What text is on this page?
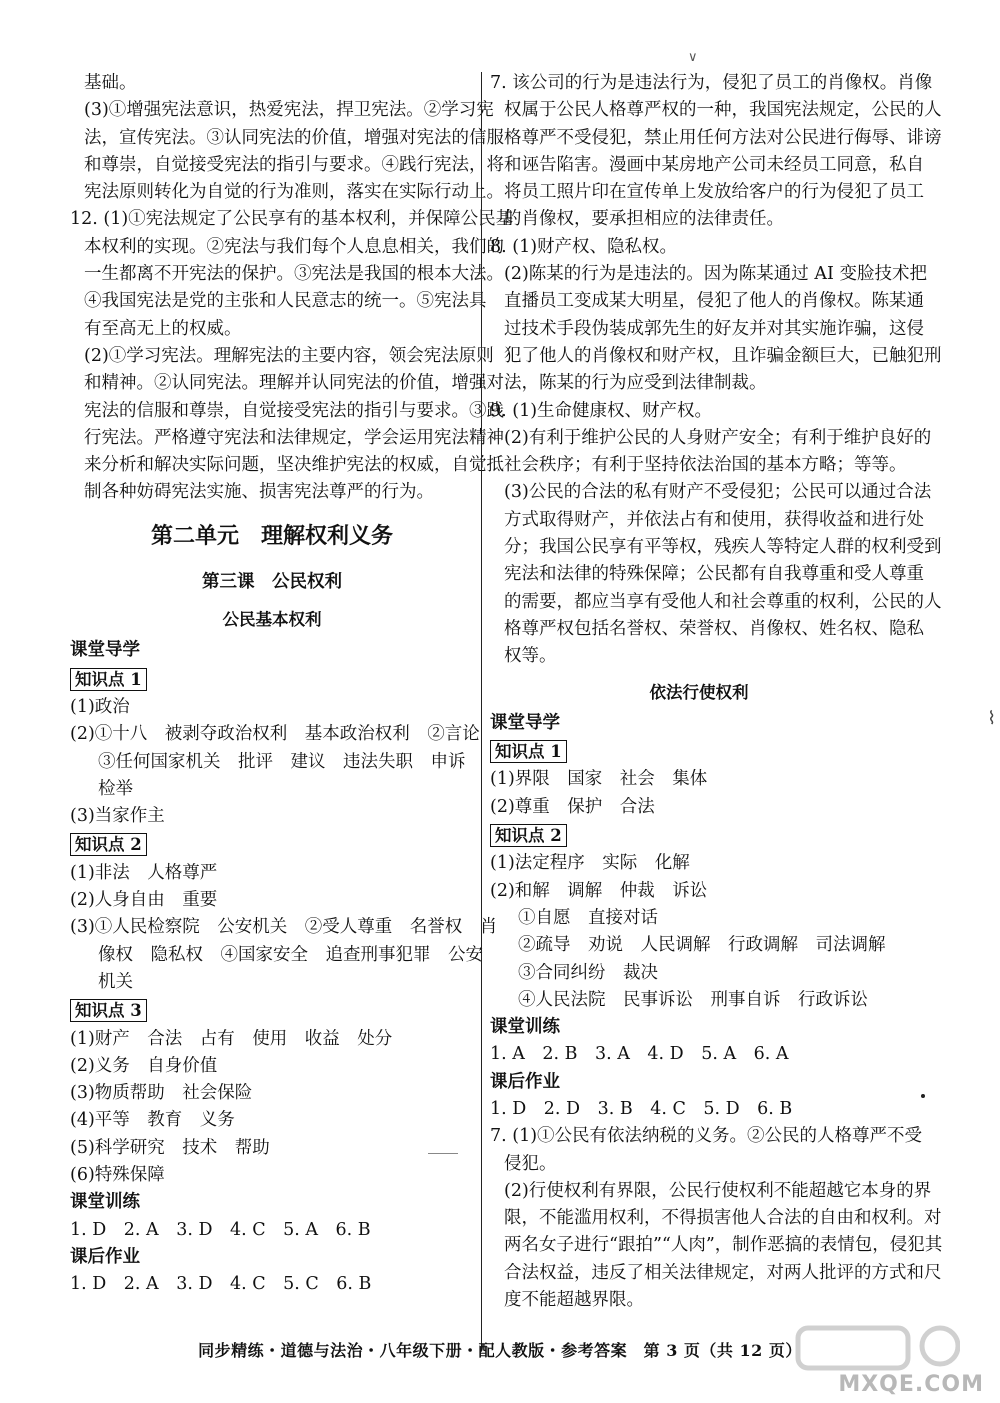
∨

基础。

(3)①增强宪法意识，热爱宪法，捍卫宪法。②学习宪

法，宣传宪法。③认同宪法的价值，增强对宪法的信服

和尊崇，自觉接受宪法的指引与要求。④践行宪法，将

宪法原则转化为自觉的行为准则，落实在实际行动上。

12. (1)①宪法规定了公民享有的基本权利，并保障公民基

本权利的实现。②宪法与我们每个人息息相关，我们的

一生都离不开宪法的保护。③宪法是我国的根本大法。

④我国宪法是党的主张和人民意志的统一。⑤宪法具

有至高无上的权威。

(2)①学习宪法。理解宪法的主要内容，领会宪法原则

和精神。②认同宪法。理解并认同宪法的价值，增强对

宪法的信服和尊崇，自觉接受宪法的指引与要求。③践

行宪法。严格遵守宪法和法律规定，学会运用宪法精神

来分析和解决实际问题，坚决维护宪法的权威，自觉抵

制各种妨碍宪法实施、损害宪法尊严的行为。

第二单元　理解权利义务
第三课　公民权利
公民基本权利

课堂导学

知识点 1

(1)政治

(2)①十八　被剥夺政治权利　基本政治权利　②言论

③任何国家机关　批评　建议　违法失职　申诉

检举

(3)当家作主

知识点 2

(1)非法　人格尊严

(2)人身自由　重要

(3)①人民检察院　公安机关　②受人尊重　名誉权　肖

像权　隐私权　④国家安全　追查刑事犯罪　公安

机关

知识点 3

(1)财产　合法　占有　使用　收益　处分

(2)义务　自身价值

(3)物质帮助　社会保险

(4)平等　教育　义务

(5)科学研究　技术　帮助

(6)特殊保障

课堂训练

1. D　2. A　3. D　4. C　5. A　6. B

课后作业

1. D　2. A　3. D　4. C　5. C　6. B

7. 该公司的行为是违法行为，侵犯了员工的肖像权。肖像

权属于公民人格尊严权的一种，我国宪法规定，公民的人

格尊严不受侵犯，禁止用任何方法对公民进行侮辱、诽谤

和诬告陷害。漫画中某房地产公司未经员工同意，私自

将员工照片印在宣传单上发放给客户的行为侵犯了员工

的肖像权，要承担相应的法律责任。

8. (1)财产权、隐私权。

(2)陈某的行为是违法的。因为陈某通过 AI 变脸技术把

直播员工变成某大明星，侵犯了他人的肖像权。陈某通

过技术手段伪装成郭先生的好友并对其实施诈骗，这侵

犯了他人的肖像权和财产权，且诈骗金额巨大，已触犯刑

法，陈某的行为应受到法律制裁。

9. (1)生命健康权、财产权。

(2)有利于维护公民的人身财产安全；有利于维护良好的

社会秩序；有利于坚持依法治国的基本方略；等等。

(3)公民的合法的私有财产不受侵犯；公民可以通过合法

方式取得财产，并依法占有和使用，获得收益和进行处

分；我国公民享有平等权，残疾人等特定人群的权利受到

宪法和法律的特殊保障；公民都有自我尊重和受人尊重

的需要，都应当享有受他人和社会尊重的权利，公民的人

格尊严权包括名誉权、荣誉权、肖像权、姓名权、隐私

权等。

依法行使权利

课堂导学

知识点 1

(1)界限　国家　社会　集体

(2)尊重　保护　合法

知识点 2

(1)法定程序　实际　化解

(2)和解　调解　仲裁　诉讼

①自愿　直接对话

②疏导　劝说　人民调解　行政调解　司法调解

③合同纠纷　裁决

④人民法院　民事诉讼　刑事自诉　行政诉讼

课堂训练

1. A　2. B　3. A　4. D　5. A　6. A

课后作业

1. D　2. D　3. B　4. C　5. D　6. B

7. (1)①公民有依法纳税的义务。②公民的人格尊严不受

侵犯。

(2)行使权利有界限，公民行使权利不能超越它本身的界

限，不能滥用权利，不得损害他人合法的自由和权利。对

两名女子进行“跟拍”“人肉”，制作恶搞的表情包，侵犯其

合法权益，违反了相关法律规定，对两人批评的方式和尺

度不能超越界限。

⌇
MXQE.COM
同步精练・道德与法治・八年级下册・配人教版・参考答案　第 3 页（共 12 页）
